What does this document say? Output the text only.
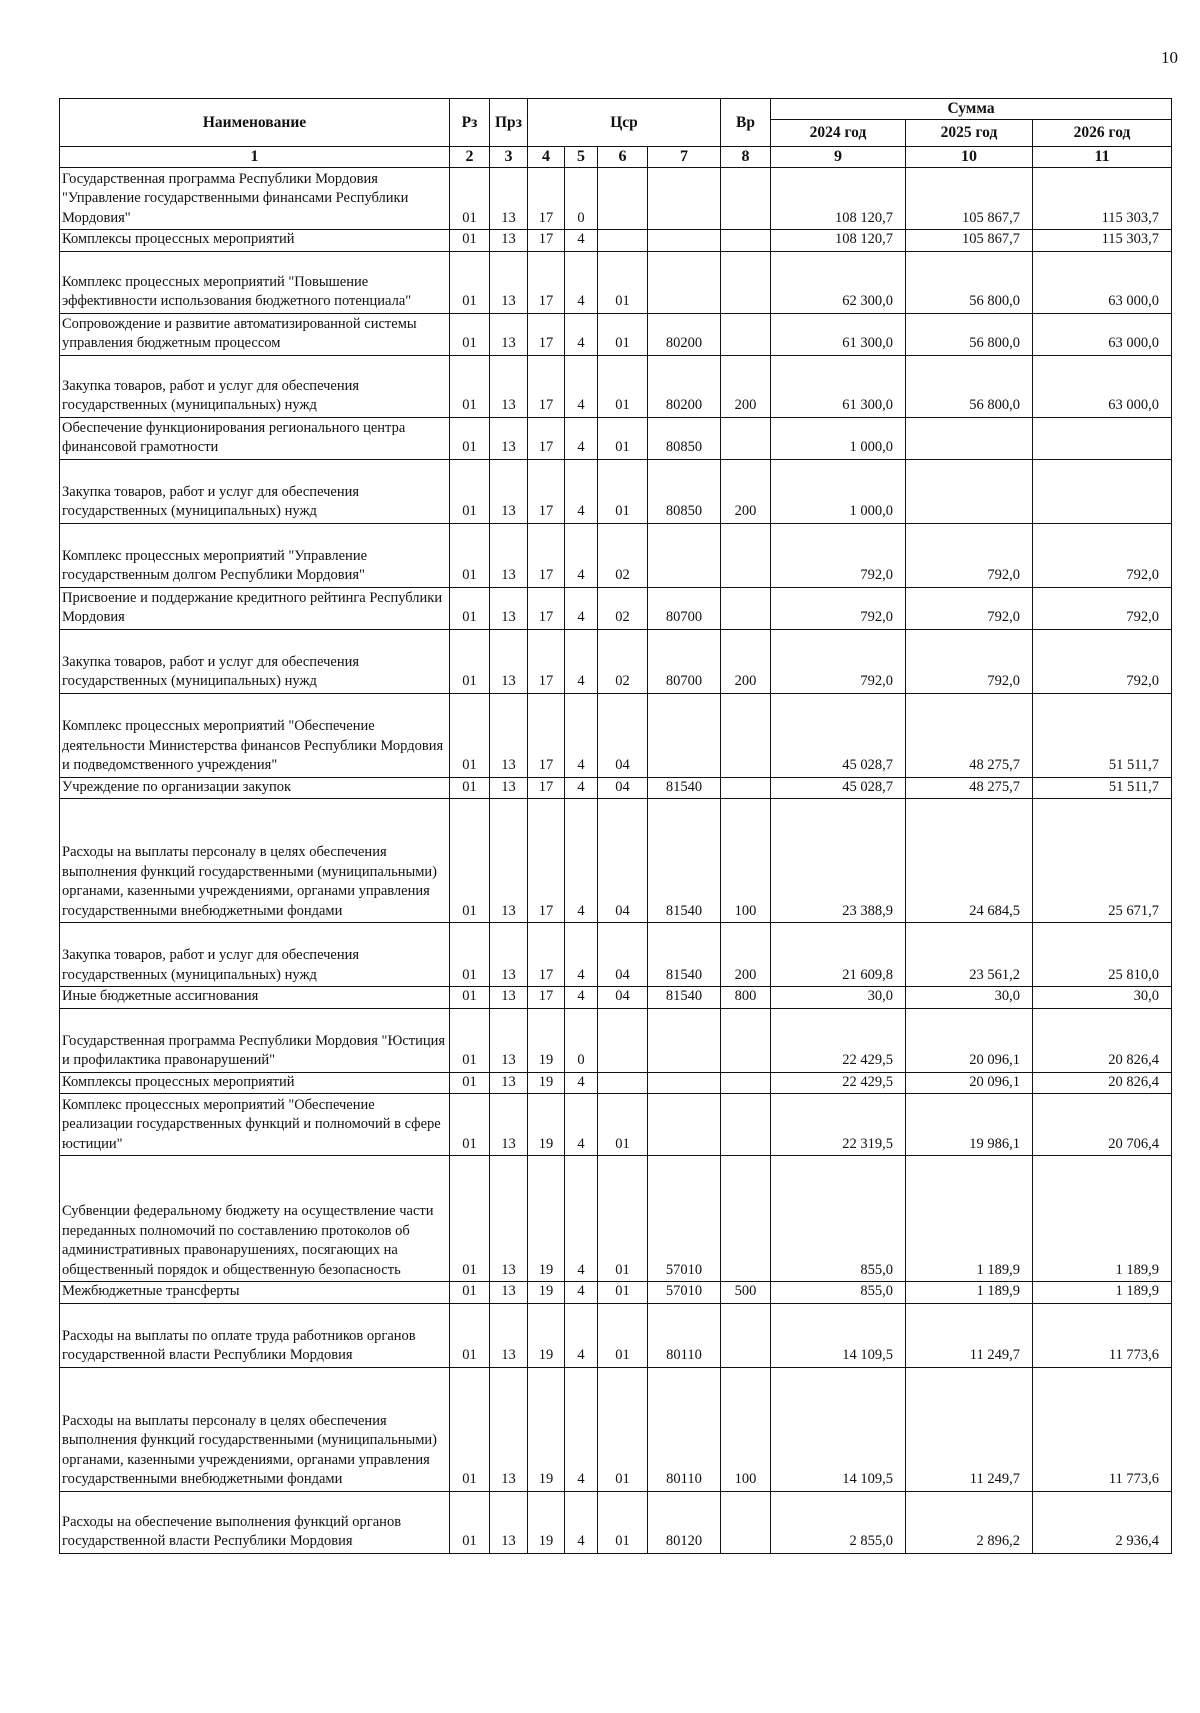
10
Наименование	Рз	Прз	Цср				Вр	Сумма		
								2024 год	2025 год	2026 год
1	2	3	4	5	6	7	8	9	10	11
Государственная программа Республики Мордовия "Управление государственными финансами Республики Мордовия"	01	13	17	0				108 120,7	105 867,7	115 303,7
Комплексы процессных мероприятий	01	13	17	4				108 120,7	105 867,7	115 303,7
Комплекс процессных мероприятий "Повышение эффективности использования бюджетного потенциала"	01	13	17	4	01			62 300,0	56 800,0	63 000,0
Сопровождение и развитие автоматизированной системы управления бюджетным процессом	01	13	17	4	01	80200		61 300,0	56 800,0	63 000,0
Закупка товаров, работ и услуг для обеспечения государственных (муниципальных) нужд	01	13	17	4	01	80200	200	61 300,0	56 800,0	63 000,0
Обеспечение функционирования регионального центра финансовой грамотности	01	13	17	4	01	80850		1 000,0		
Закупка товаров, работ и услуг для обеспечения государственных (муниципальных) нужд	01	13	17	4	01	80850	200	1 000,0		
Комплекс процессных мероприятий "Управление государственным долгом Республики Мордовия"	01	13	17	4	02			792,0	792,0	792,0
Присвоение и поддержание кредитного рейтинга Республики Мордовия	01	13	17	4	02	80700		792,0	792,0	792,0
Закупка товаров, работ и услуг для обеспечения государственных (муниципальных) нужд	01	13	17	4	02	80700	200	792,0	792,0	792,0
Комплекс процессных мероприятий "Обеспечение деятельности Министерства финансов Республики Мордовия и подведомственного учреждения"	01	13	17	4	04			45 028,7	48 275,7	51 511,7
Учреждение по организации закупок	01	13	17	4	04	81540		45 028,7	48 275,7	51 511,7
Расходы на выплаты персоналу в целях обеспечения выполнения функций государственными (муниципальными) органами, казенными учреждениями, органами управления государственными внебюджетными фондами	01	13	17	4	04	81540	100	23 388,9	24 684,5	25 671,7
Закупка товаров, работ и услуг для обеспечения государственных (муниципальных) нужд	01	13	17	4	04	81540	200	21 609,8	23 561,2	25 810,0
Иные бюджетные ассигнования	01	13	17	4	04	81540	800	30,0	30,0	30,0
Государственная программа Республики Мордовия "Юстиция и профилактика правонарушений"	01	13	19	0				22 429,5	20 096,1	20 826,4
Комплексы процессных мероприятий	01	13	19	4				22 429,5	20 096,1	20 826,4
Комплекс процессных мероприятий "Обеспечение реализации государственных функций и полномочий в сфере юстиции"	01	13	19	4	01			22 319,5	19 986,1	20 706,4
Субвенции федеральному бюджету на осуществление части переданных полномочий по составлению протоколов об административных правонарушениях, посягающих на общественный порядок и общественную безопасность	01	13	19	4	01	57010		855,0	1 189,9	1 189,9
Межбюджетные трансферты	01	13	19	4	01	57010	500	855,0	1 189,9	1 189,9
Расходы на выплаты по оплате труда работников органов государственной власти Республики Мордовия	01	13	19	4	01	80110		14 109,5	11 249,7	11 773,6
Расходы на выплаты персоналу в целях обеспечения выполнения функций государственными (муниципальными) органами, казенными учреждениями, органами управления государственными внебюджетными фондами	01	13	19	4	01	80110	100	14 109,5	11 249,7	11 773,6
Расходы на обеспечение выполнения функций органов государственной власти Республики Мордовия	01	13	19	4	01	80120		2 855,0	2 896,2	2 936,4
